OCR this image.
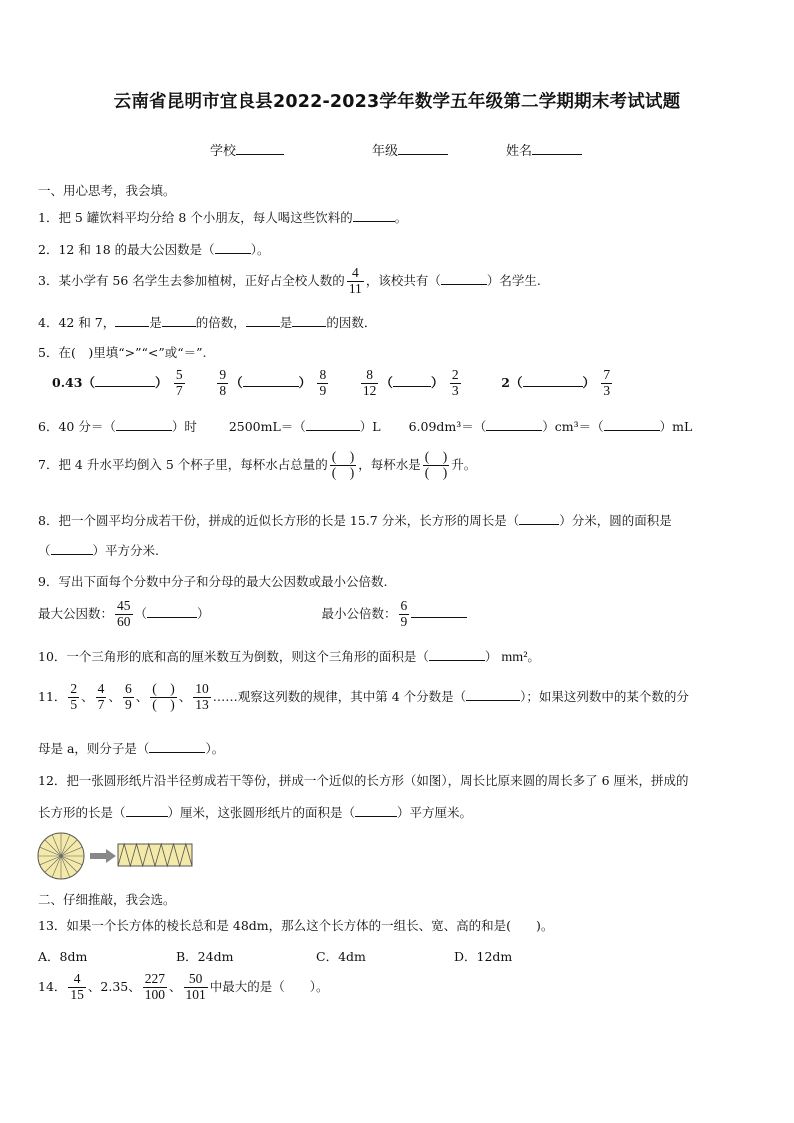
云南省昆明市宜良县2022-2023学年数学五年级第二学期期末考试试题
学校	年级	姓名
一、用心思考，我会填。
1．把 5 罐饮料平均分给 8 个小朋友，每人喝这些饮料的	。
2．12 和 18 的最大公因数是（	）。
3．某小学有 56 名学生去参加植树，正好占全校人数的 $\frac{4}{11}$ ，该校共有（	）名学生.
4．42 和 7，	是	的倍数，	是	的因数．
5．在(　)里填“>”“<”或“＝”.
0.43（	） $\frac{5}{7}$
$\frac{9}{8}$ （	） $\frac{8}{9}$
$\frac{8}{12}$ （	） $\frac{2}{3}$	2（	） $\frac{7}{3}$
6．40 分＝（	）时	2500mL＝（	）L 6.09dm³＝（	）cm³＝（	）mL
7．把 4 升水平均倒入 5 个杯子里，每杯水占总量的 $\frac{( )}{( )}$ ，每杯水是 $\frac{( )}{( )}$ 升。
8．把一个圆平均分成若干份，拼成的近似长方形的长是 15.7 分米，长方形的周长是（	）分米，圆的面积是
（	）平方分米.
9．写出下面每个分数中分子和分母的最大公因数或最小公倍数.
最大公因数： $\frac{45}{60}$ （	）	最小公倍数： $\frac{6}{9}$
10．一个三角形的底和高的厘米数互为倒数，则这个三角形的面积是（	） mm²。
11． $\frac{2}{5}$ 、 $\frac{4}{7}$ 、 $\frac{6}{9}$ 、 $\frac{( )}{( )}$ 、 $\frac{10}{13}$ ……观察这列数的规律，其中第 4 个分数是（	）；如果这列数中的某个数的分
母是 a，则分子是（	）。
12．把一张圆形纸片沿半径剪成若干等份，拼成一个近似的长方形（如图），周长比原来圆的周长多了 6 厘米，拼成的
长方形的长是（	）厘米，这张圆形纸片的面积是（	）平方厘米。
二、仔细推敲，我会选。
13．如果一个长方体的棱长总和是 48dm，那么这个长方体的一组长、宽、高的和是(　　)。
A．8dm	B．24dm	C．4dm	D．12dm
14． $\frac{4}{15}$ 、2.35、 $\frac{227}{100}$ 、 $\frac{50}{101}$ 中最大的是（　　）。
